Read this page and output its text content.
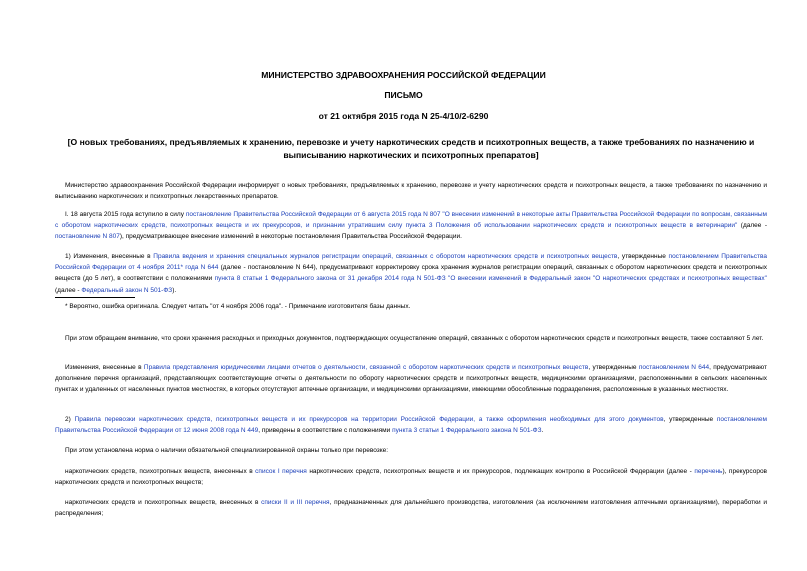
МИНИСТЕРСТВО ЗДРАВООХРАНЕНИЯ РОССИЙСКОЙ ФЕДЕРАЦИИ
ПИСЬМО
от 21 октября 2015 года N 25-4/10/2-6290
[О новых требованиях, предъявляемых к хранению, перевозке и учету наркотических средств и психотропных веществ, а также требованиях по назначению и выписыванию наркотических и психотропных препаратов]
Министерство здравоохранения Российской Федерации информирует о новых требованиях, предъявляемых к хранению, перевозке и учету наркотических средств и психотропных веществ, а также требованиях по назначению и выписыванию наркотических и психотропных лекарственных препаратов.
I. 18 августа 2015 года вступило в силу постановление Правительства Российской Федерации от 6 августа 2015 года N 807 "О внесении изменений в некоторые акты Правительства Российской Федерации по вопросам, связанным с оборотом наркотических средств, психотропных веществ и их прекурсоров, и признании утратившим силу пункта 3 Положения об использовании наркотических средств и психотропных веществ в ветеринарии" (далее - постановление N 807), предусматривающее внесение изменений в некоторые постановления Правительства Российской Федерации.
1) Изменения, внесенные в Правила ведения и хранения специальных журналов регистрации операций, связанных с оборотом наркотических средств и психотропных веществ, утвержденные постановлением Правительства Российской Федерации от 4 ноября 2011* года N 644 (далее - постановление N 644), предусматривают корректировку срока хранения журналов регистрации операций, связанных с оборотом наркотических средств и психотропных веществ (до 5 лет), в соответствии с положениями пункта 8 статьи 1 Федерального закона от 31 декабря 2014 года N 501-ФЗ "О внесении изменений в Федеральный закон "О наркотических средствах и психотропных веществах" (далее - Федеральный закон N 501-ФЗ).
* Вероятно, ошибка оригинала. Следует читать "от 4 ноября 2006 года". - Примечание изготовителя базы данных.
При этом обращаем внимание, что сроки хранения расходных и приходных документов, подтверждающих осуществление операций, связанных с оборотом наркотических средств и психотропных веществ, также составляют 5 лет.
Изменения, внесенные в Правила представления юридическими лицами отчетов о деятельности, связанной с оборотом наркотических средств и психотропных веществ, утвержденные постановлением N 644, предусматривают дополнение перечня организаций, представляющих соответствующие отчеты о деятельности по обороту наркотических средств и психотропных веществ, медицинскими организациями, расположенными в сельских населенных пунктах и удаленных от населенных пунктов местностях, в которых отсутствуют аптечные организации, и медицинскими организациями, имеющими обособленные подразделения, расположенные в указанных местностях.
2) Правила перевозки наркотических средств, психотропных веществ и их прекурсоров на территории Российской Федерации, а также оформления необходимых для этого документов, утвержденные постановлением Правительства Российской Федерации от 12 июня 2008 года N 449, приведены в соответствие с положениями пункта 3 статьи 1 Федерального закона N 501-ФЗ.
При этом установлена норма о наличии обязательной специализированной охраны только при перевозке:
наркотических средств, психотропных веществ, внесенных в список I перечня наркотических средств, психотропных веществ и их прекурсоров, подлежащих контролю в Российской Федерации (далее - перечень), прекурсоров наркотических средств и психотропных веществ;
наркотических средств и психотропных веществ, внесенных в списки II и III перечня, предназначенных для дальнейшего производства, изготовления (за исключением изготовления аптечными организациями), переработки и распределения;
